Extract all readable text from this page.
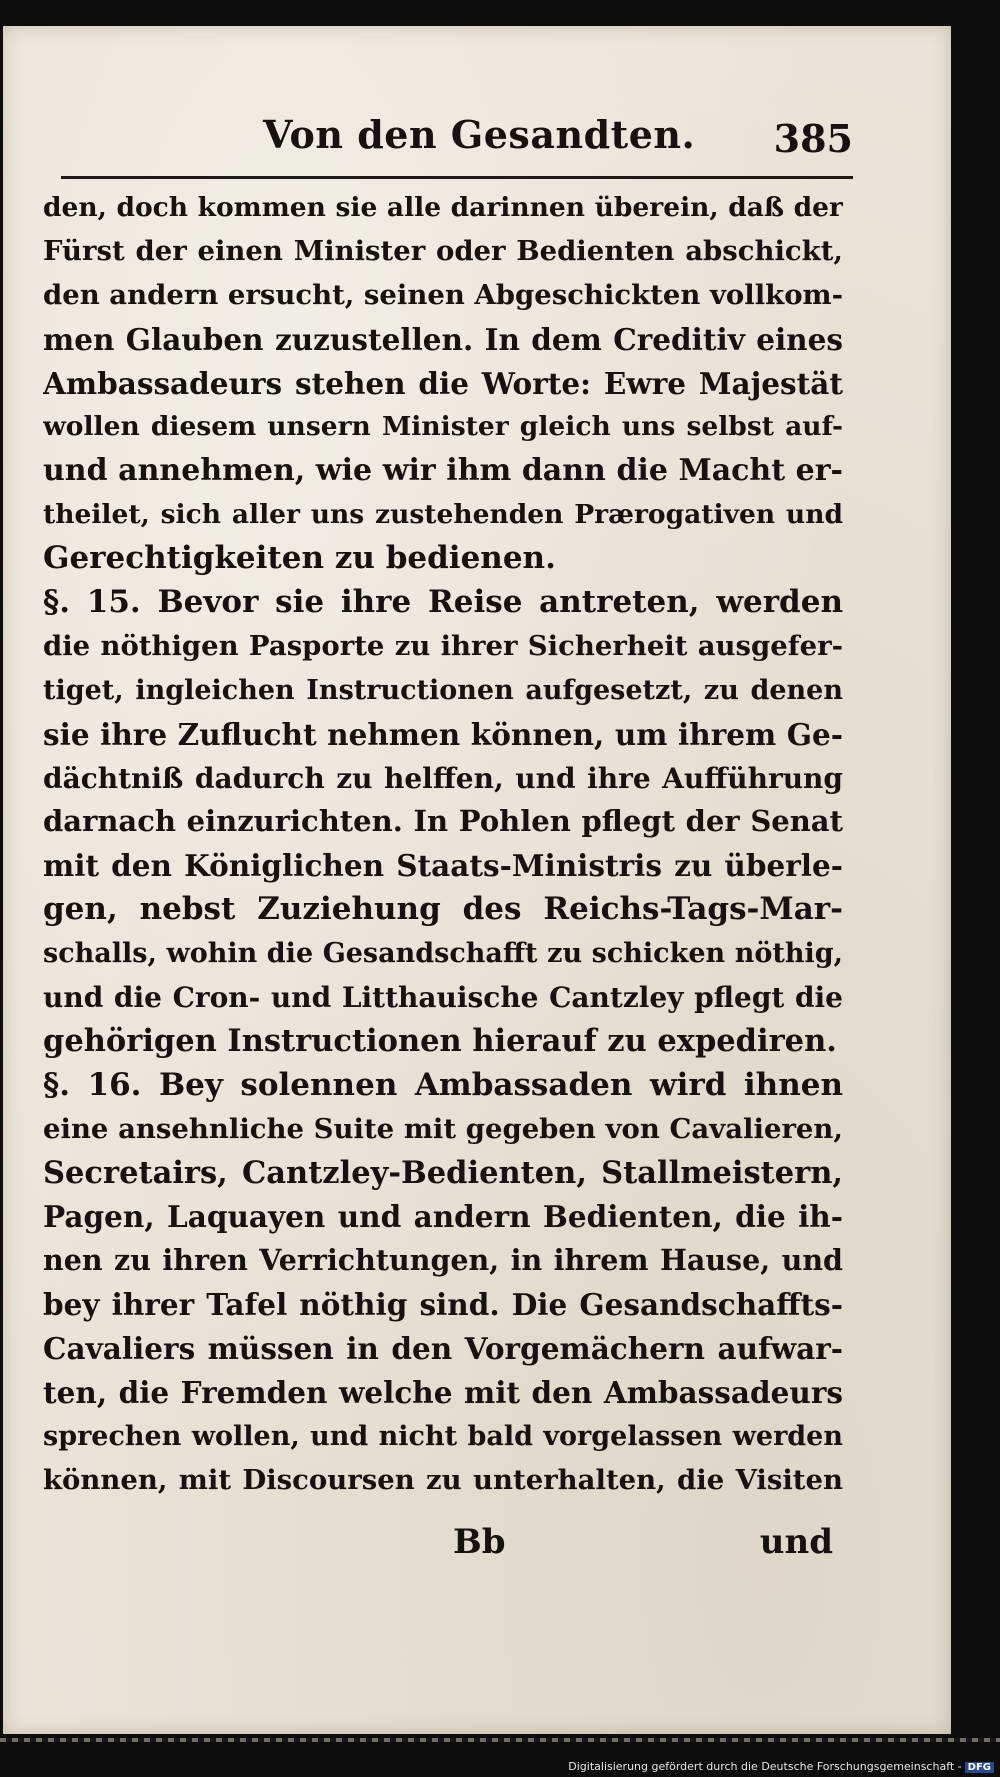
Von den Gesandten. 385
den, doch kommen sie alle darinnen überein, daß der
Fürst der einen Minister oder Bedienten abschickt,
den andern ersucht, seinen Abgeschickten vollkom-
men Glauben zuzustellen. In dem Creditiv eines
Ambassadeurs stehen die Worte: Ewre Majestät
wollen diesem unsern Minister gleich uns selbst auf-
und annehmen, wie wir ihm dann die Macht er-
theilet, sich aller uns zustehenden Prærogativen und
Gerechtigkeiten zu bedienen.
§. 15. Bevor sie ihre Reise antreten, werden
die nöthigen Pasporte zu ihrer Sicherheit ausgefer-
tiget, ingleichen Instructionen aufgesetzt, zu denen
sie ihre Zuflucht nehmen können, um ihrem Ge-
dächtniß dadurch zu helffen, und ihre Aufführung
darnach einzurichten. In Pohlen pflegt der Senat
mit den Königlichen Staats-Ministris zu überle-
gen, nebst Zuziehung des Reichs-Tags-Mar-
schalls, wohin die Gesandschafft zu schicken nöthig,
und die Cron- und Litthauische Cantzley pflegt die
gehörigen Instructionen hierauf zu expediren.
§. 16. Bey solennen Ambassaden wird ihnen
eine ansehnliche Suite mit gegeben von Cavalieren,
Secretairs, Cantzley-Bedienten, Stallmeistern,
Pagen, Laquayen und andern Bedienten, die ih-
nen zu ihren Verrichtungen, in ihrem Hause, und
bey ihrer Tafel nöthig sind. Die Gesandschaffts-
Cavaliers müssen in den Vorgemächern aufwar-
ten, die Fremden welche mit den Ambassadeurs
sprechen wollen, und nicht bald vorgelassen werden
können, mit Discoursen zu unterhalten, die Visiten
Bb	und
Digitalisierung gefördert durch die Deutsche Forschungsgemeinschaft - DFG
